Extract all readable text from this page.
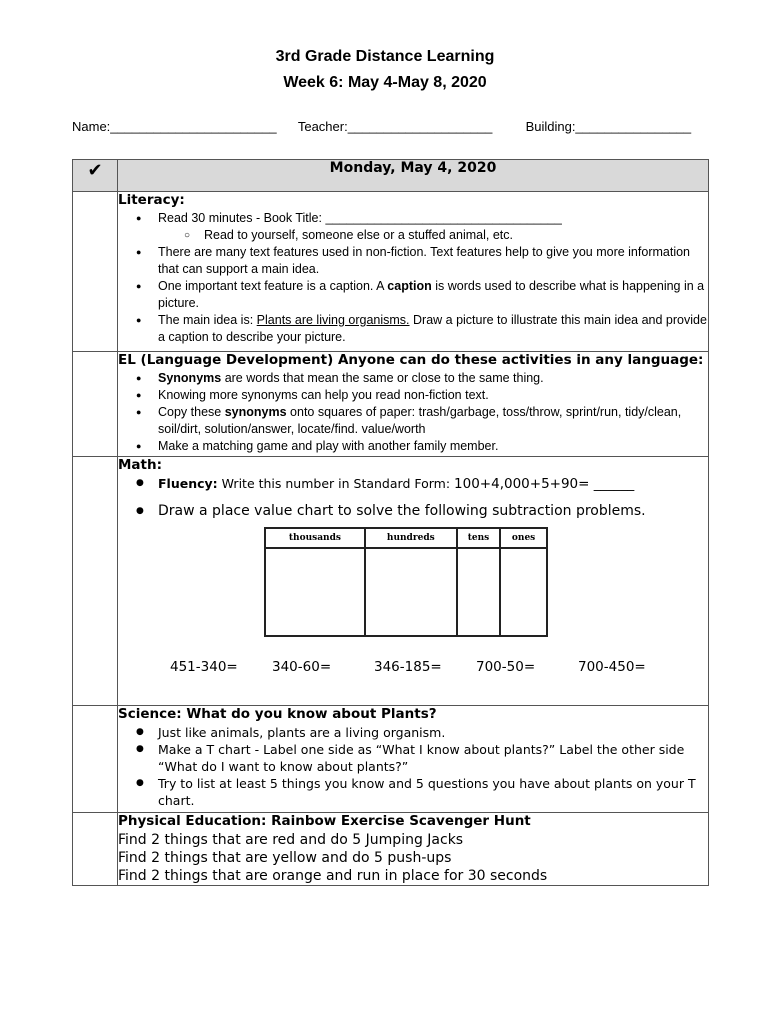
3rd Grade Distance Learning
Week 6: May 4-May 8, 2020
Name:_______________________ Teacher:____________________	Building:________________
✔	Monday, May 4, 2020

Literacy:
● Read 30 minutes - Book Title: __________________________________
○ Read to yourself, someone else or a stuffed animal, etc.
● There are many text features used in non-fiction. Text features help to give you more information that can support a main idea.
● One important text feature is a caption. A caption is words used to describe what is happening in a picture.
● The main idea is: Plants are living organisms. Draw a picture to illustrate this main idea and provide a caption to describe your picture.

EL (Language Development) Anyone can do these activities in any language:
● Synonyms are words that mean the same or close to the same thing.
● Knowing more synonyms can help you read non-fiction text.
● Copy these synonyms onto squares of paper: trash/garbage, toss/throw, sprint/run, tidy/clean, soil/dirt, solution/answer, locate/find. value/worth
● Make a matching game and play with another family member.

Math:
● Fluency: Write this number in Standard Form: 100+4,000+5+90= ______
● Draw a place value chart to solve the following subtraction problems.
thousands	hundreds	tens	ones

451-340=	340-60=	346-185=	700-50=	700-450=

Science: What do you know about Plants?
● Just like animals, plants are a living organism.
● Make a T chart - Label one side as “What I know about plants?” Label the other side “What do I want to know about plants?”
● Try to list at least 5 things you know and 5 questions you have about plants on your T chart.

Physical Education: Rainbow Exercise Scavenger Hunt
Find 2 things that are red and do 5 Jumping Jacks
Find 2 things that are yellow and do 5 push-ups
Find 2 things that are orange and run in place for 30 seconds
